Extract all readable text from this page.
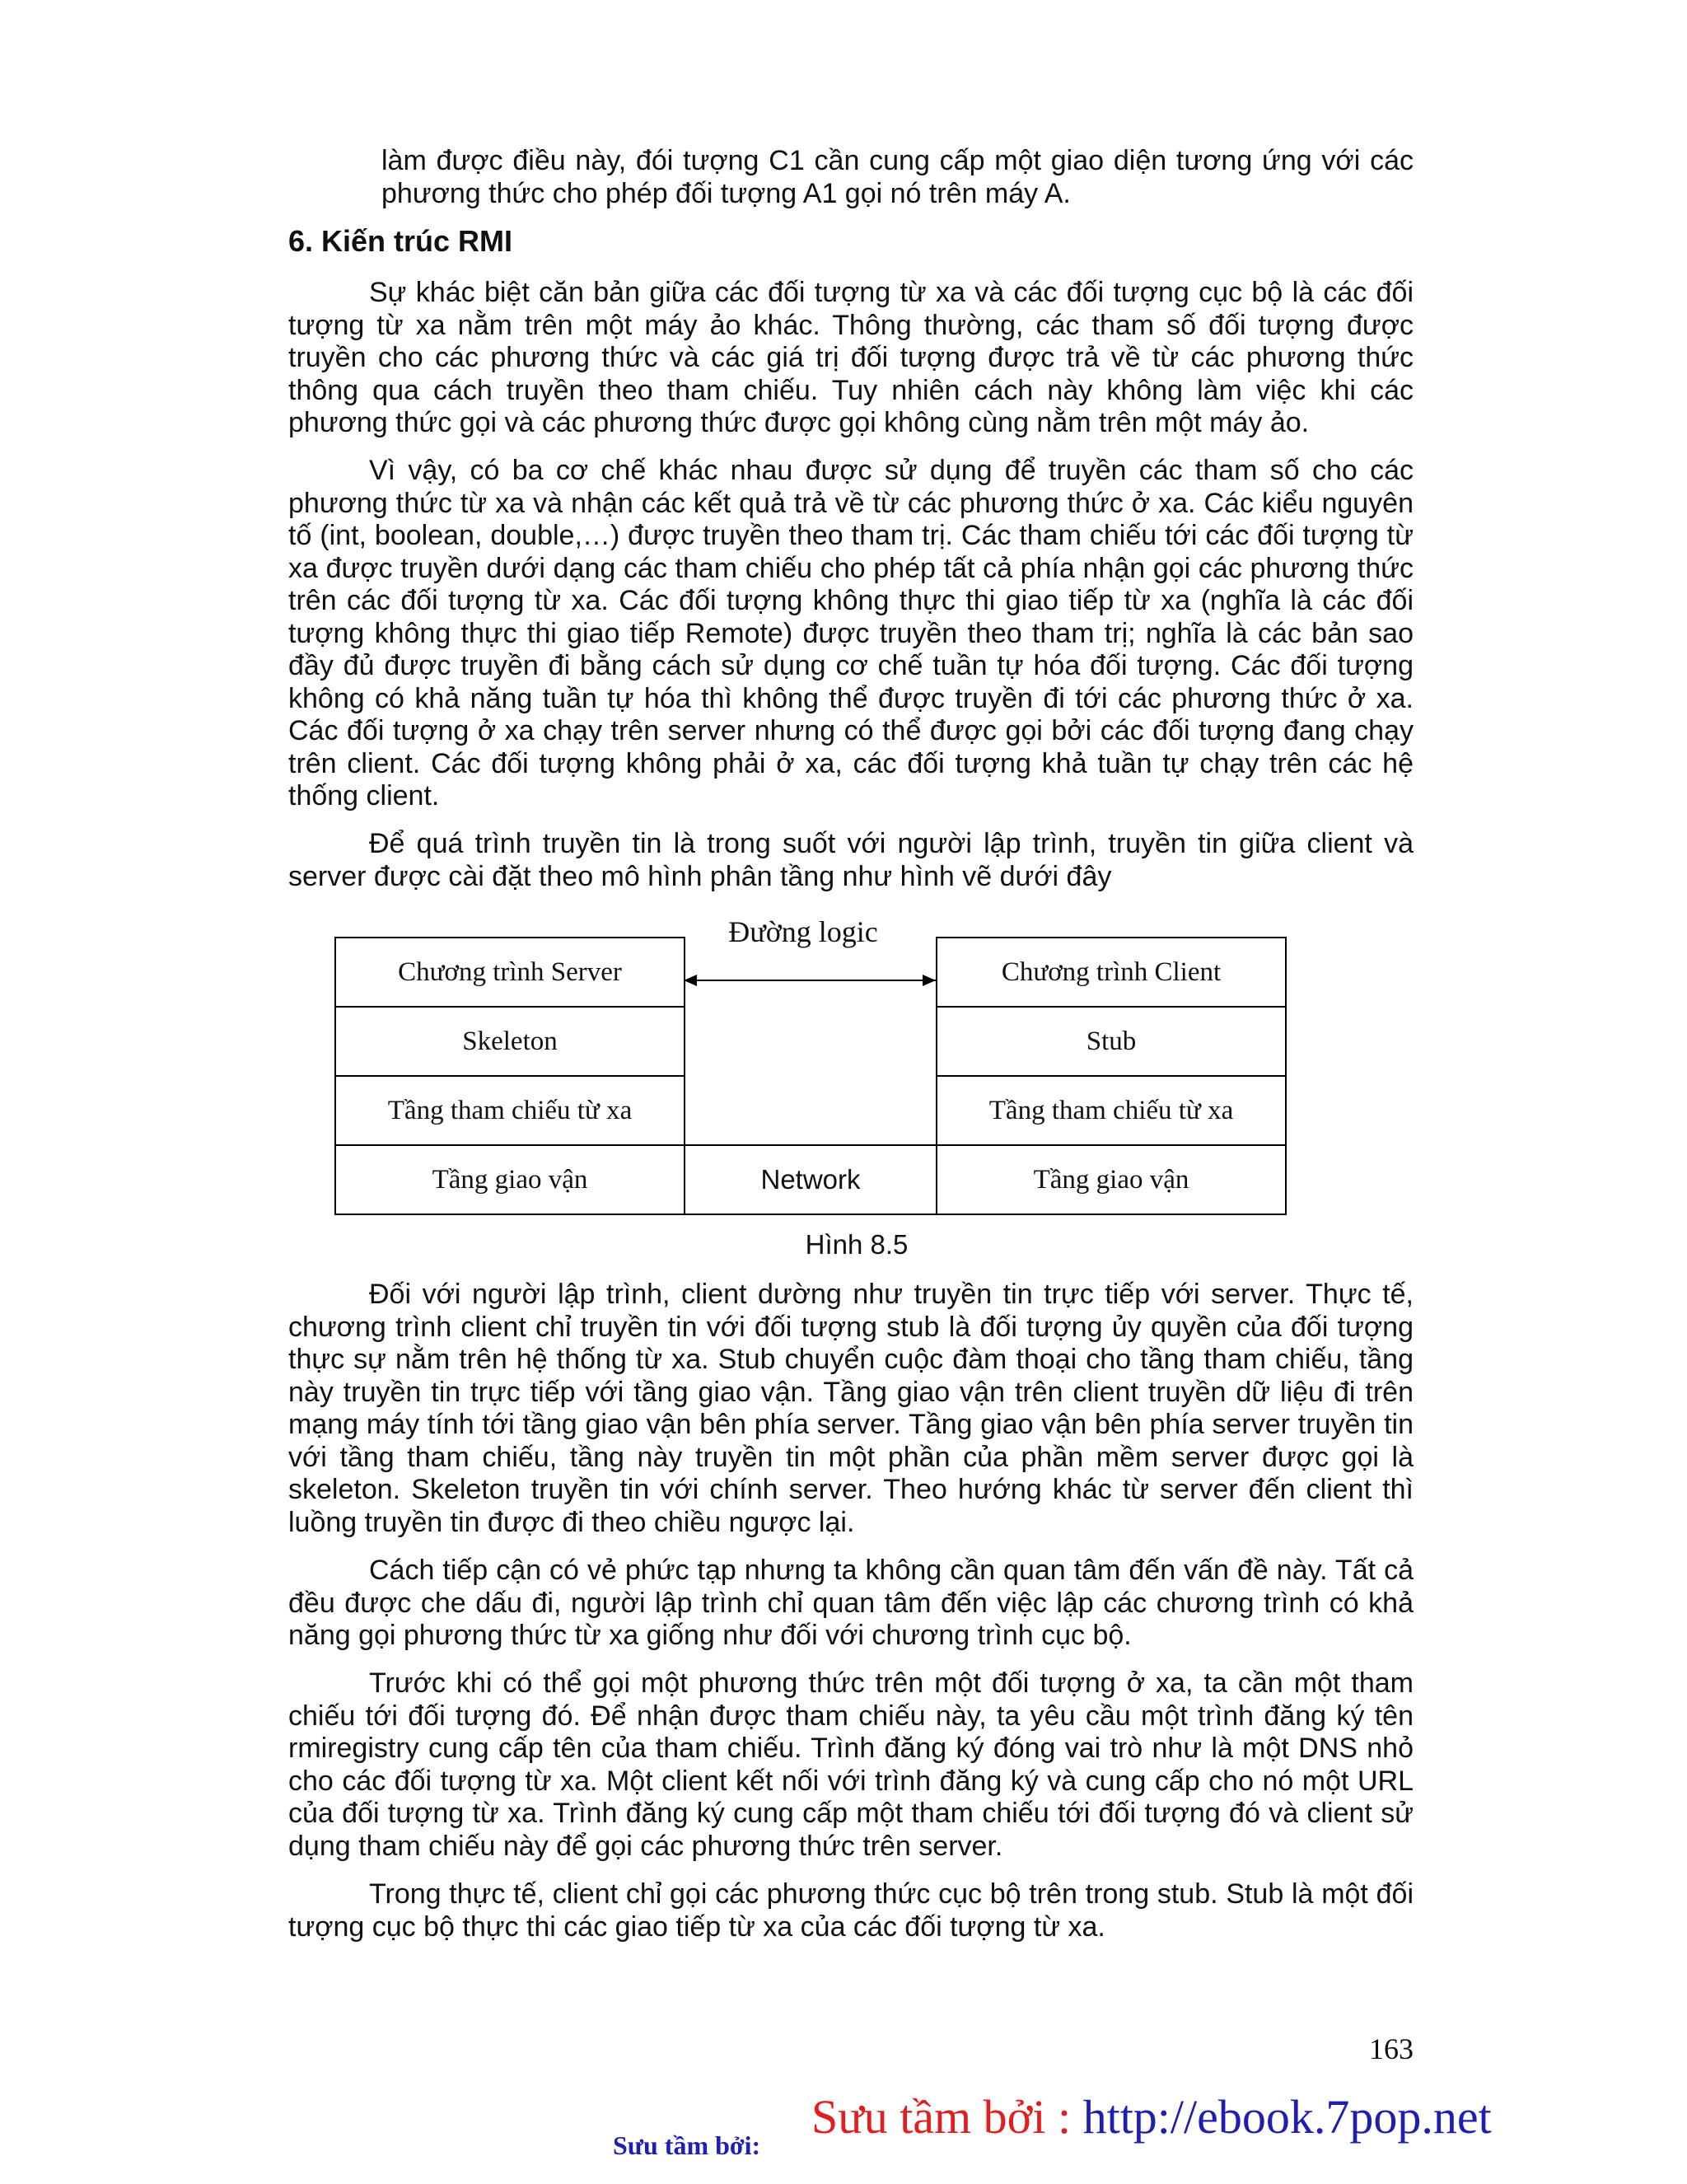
làm được điều này, đói tượng C1 cần cung cấp một giao diện tương ứng với các phương thức cho phép đối tượng A1 gọi nó trên máy A.

6. Kiến trúc RMI

Sự khác biệt căn bản giữa các đối tượng từ xa và các đối tượng cục bộ là các đối tượng từ xa nằm trên một máy ảo khác. Thông thường, các tham số đối tượng được truyền cho các phương thức và các giá trị đối tượng được trả về từ các phương thức thông qua cách truyền theo tham chiếu. Tuy nhiên cách này không làm việc khi các phương thức gọi và các phương thức được gọi không cùng nằm trên một máy ảo.

Vì vậy, có ba cơ chế khác nhau được sử dụng để truyền các tham số cho các phương thức từ xa và nhận các kết quả trả về từ các phương thức ở xa. Các kiểu nguyên tố (int, boolean, double,…) được truyền theo tham trị. Các tham chiếu tới các đối tượng từ xa được truyền dưới dạng các tham chiếu cho phép tất cả phía nhận gọi các phương thức trên các đối tượng từ xa. Các đối tượng không thực thi giao tiếp từ xa (nghĩa là các đối tượng không thực thi giao tiếp Remote) được truyền theo tham trị; nghĩa là các bản sao đầy đủ được truyền đi bằng cách sử dụng cơ chế tuần tự hóa đối tượng. Các đối tượng không có khả năng tuần tự hóa thì không thể được truyền đi tới các phương thức ở xa. Các đối tượng ở xa chạy trên server nhưng có thể được gọi bởi các đối tượng đang chạy trên client. Các đối tượng không phải ở xa, các đối tượng khả tuần tự chạy trên các hệ thống client.

Để quá trình truyền tin là trong suốt với người lập trình, truyền tin giữa client và server được cài đặt theo mô hình phân tầng như hình vẽ dưới đây

Đường logic
Chương trình Server
Skeleton
Tầng tham chiếu từ xa
Tầng giao vận	Network
Chương trình Client
Stub
Tầng tham chiếu từ xa
Tầng giao vận
Hình 8.5

Đối với người lập trình, client dường như truyền tin trực tiếp với server. Thực tế, chương trình client chỉ truyền tin với đối tượng stub là đối tượng ủy quyền của đối tượng thực sự nằm trên hệ thống từ xa. Stub chuyển cuộc đàm thoại cho tầng tham chiếu, tầng này truyền tin trực tiếp với tầng giao vận. Tầng giao vận trên client truyền dữ liệu đi trên mạng máy tính tới tầng giao vận bên phía server. Tầng giao vận bên phía server truyền tin với tầng tham chiếu, tầng này truyền tin một phần của phần mềm server được gọi là skeleton. Skeleton truyền tin với chính server. Theo hướng khác từ server đến client thì luồng truyền tin được đi theo chiều ngược lại.

Cách tiếp cận có vẻ phức tạp nhưng ta không cần quan tâm đến vấn đề này. Tất cả đều được che dấu đi, người lập trình chỉ quan tâm đến việc lập các chương trình có khả năng gọi phương thức từ xa giống như đối với chương trình cục bộ.

Trước khi có thể gọi một phương thức trên một đối tượng ở xa, ta cần một tham chiếu tới đối tượng đó. Để nhận được tham chiếu này, ta yêu cầu một trình đăng ký tên rmiregistry cung cấp tên của tham chiếu. Trình đăng ký đóng vai trò như là một DNS nhỏ cho các đối tượng từ xa. Một client kết nối với trình đăng ký và cung cấp cho nó một URL của đối tượng từ xa. Trình đăng ký cung cấp một tham chiếu tới đối tượng đó và client sử dụng tham chiếu này để gọi các phương thức trên server.

Trong thực tế, client chỉ gọi các phương thức cục bộ trên trong stub. Stub là một đối tượng cục bộ thực thi các giao tiếp từ xa của các đối tượng từ xa.

163
Sưu tầm bởi:
Sưu tầm bởi : http://ebook.7pop.net
